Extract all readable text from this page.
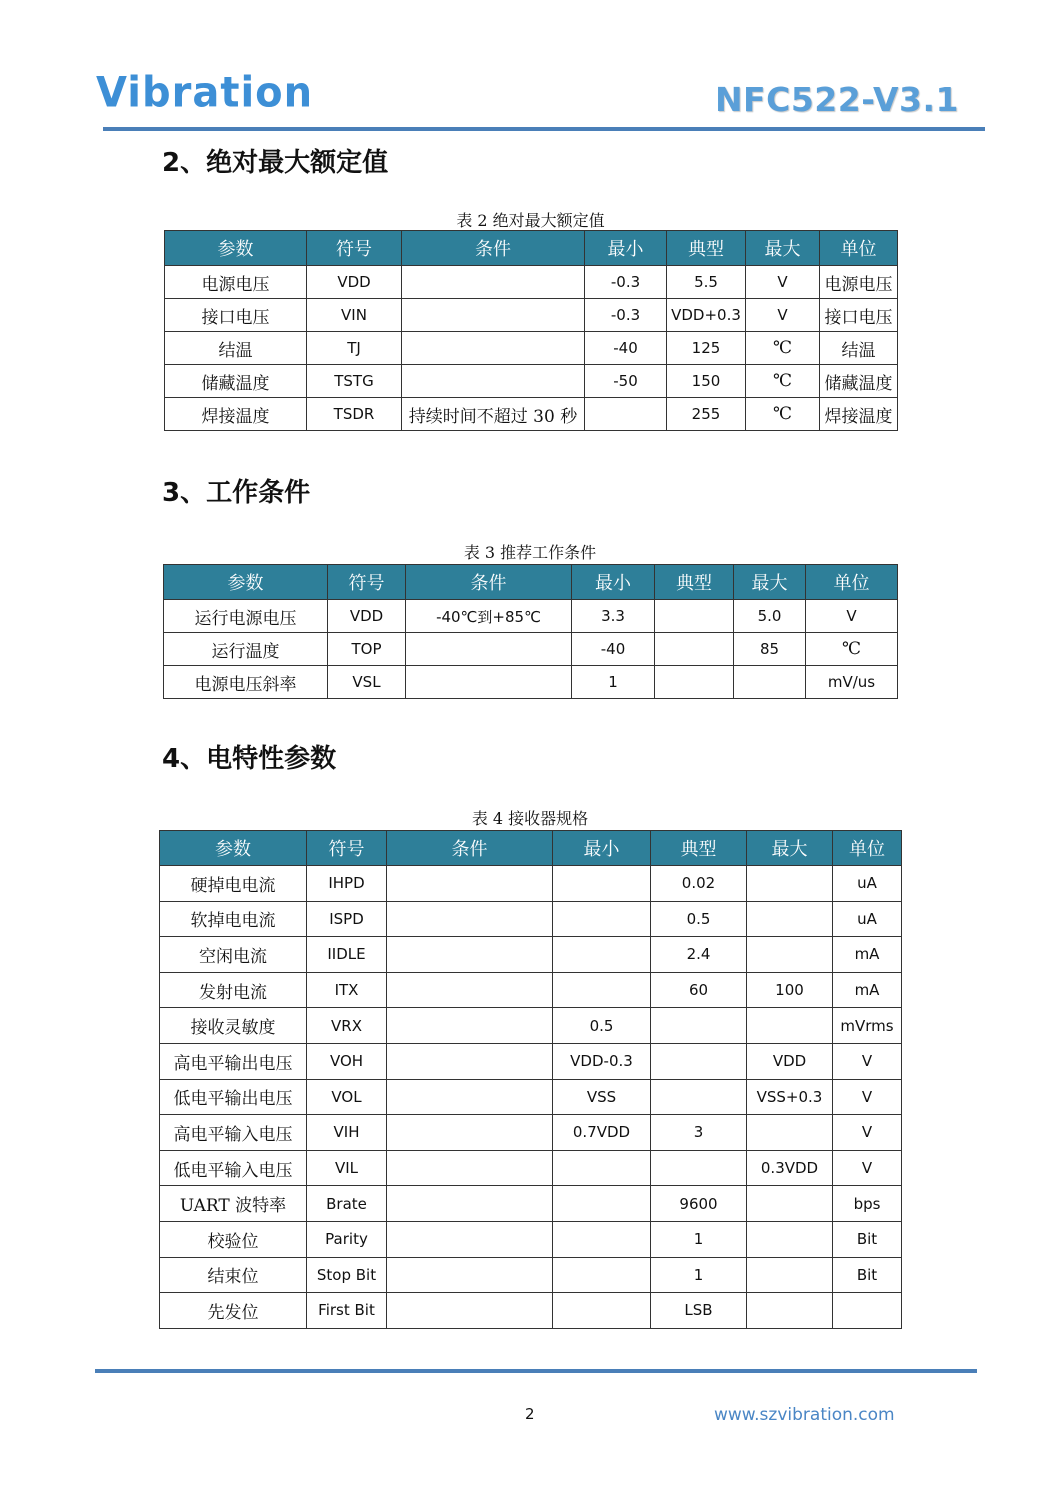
Vibration	NFC522-V3.1
2、绝对最大额定值
表 2 绝对最大额定值
参数	符号	条件	最小	典型	最大	单位
电源电压	VDD		-0.3	5.5	V	电源电压
接口电压	VIN		-0.3	VDD+0.3	V	接口电压
结温	TJ		-40	125	℃	结温
储藏温度	TSTG		-50	150	℃	储藏温度
焊接温度	TSDR	持续时间不超过 30 秒		255	℃	焊接温度
3、工作条件
表 3 推荐工作条件
参数	符号	条件	最小	典型	最大	单位
运行电源电压	VDD	-40℃到+85℃	3.3		5.0	V
运行温度	TOP		-40		85	℃
电源电压斜率	VSL		1			mV/us
4、电特性参数
表 4 接收器规格
参数	符号	条件	最小	典型	最大	单位
硬掉电电流	IHPD			0.02		uA
软掉电电流	ISPD			0.5		uA
空闲电流	IIDLE			2.4		mA
发射电流	ITX			60	100	mA
接收灵敏度	VRX		0.5			mVrms
高电平输出电压	VOH		VDD-0.3		VDD	V
低电平输出电压	VOL		VSS		VSS+0.3	V
高电平输入电压	VIH		0.7VDD	3		V
低电平输入电压	VIL				0.3VDD	V
UART 波特率	Brate			9600		bps
校验位	Parity			1		Bit
结束位	Stop Bit			1		Bit
先发位	First Bit			LSB		
2	www.szvibration.com
